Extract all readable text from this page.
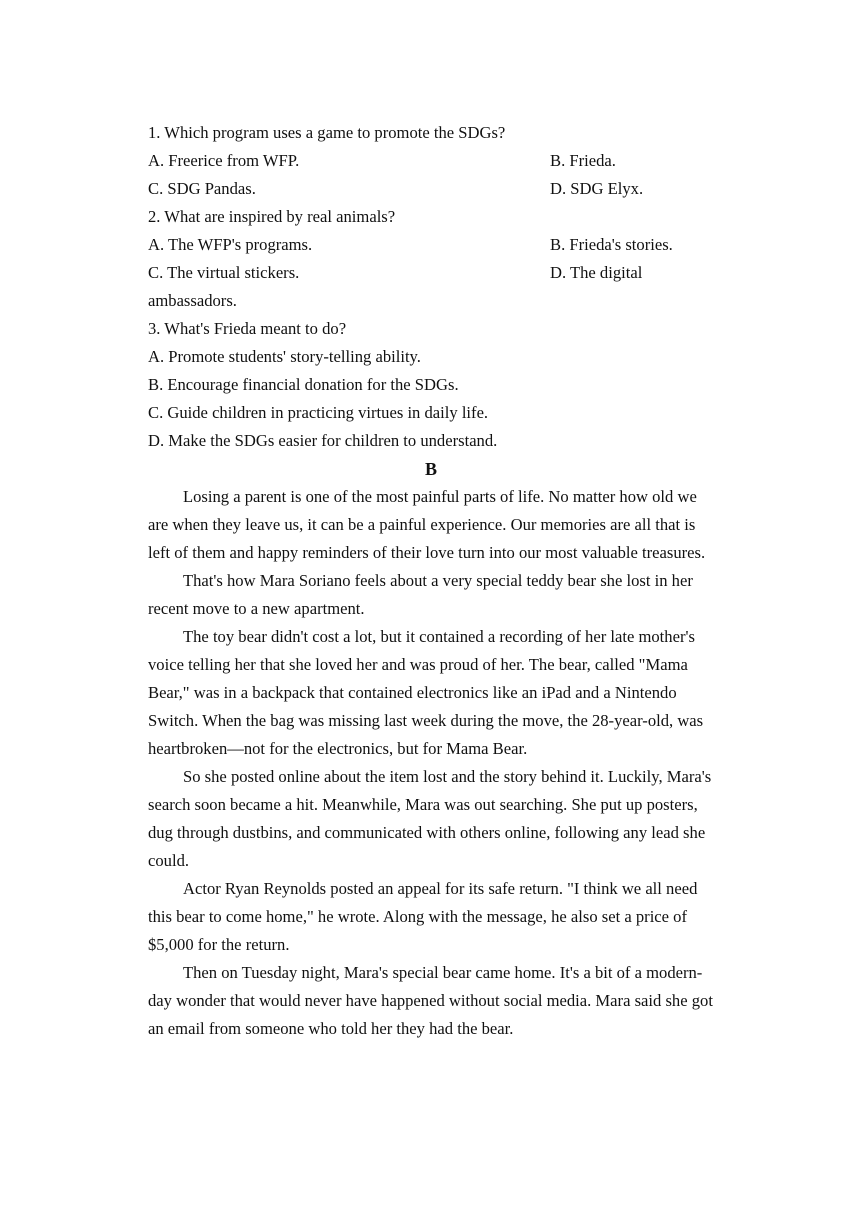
1. Which program uses a game to promote the SDGs?
A. Freerice from WFP.	B. Frieda.
C. SDG Pandas.	D. SDG Elyx.
2. What are inspired by real animals?
A. The WFP's programs.	B. Frieda's stories.
C. The virtual stickers.	D. The digital
ambassadors.
3. What's Frieda meant to do?
A. Promote students' story-telling ability.
B. Encourage financial donation for the SDGs.
C. Guide children in practicing virtues in daily life.
D. Make the SDGs easier for children to understand.
B

Losing a parent is one of the most painful parts of life. No matter how old we are when they leave us, it can be a painful experience. Our memories are all that is left of them and happy reminders of their love turn into our most valuable treasures.

That's how Mara Soriano feels about a very special teddy bear she lost in her recent move to a new apartment.

The toy bear didn't cost a lot, but it contained a recording of her late mother's voice telling her that she loved her and was proud of her. The bear, called "Mama Bear," was in a backpack that contained electronics like an iPad and a Nintendo Switch. When the bag was missing last week during the move, the 28-year-old, was heartbroken—not for the electronics, but for Mama Bear.

So she posted online about the item lost and the story behind it. Luckily, Mara's search soon became a hit. Meanwhile, Mara was out searching. She put up posters, dug through dustbins, and communicated with others online, following any lead she could.

Actor Ryan Reynolds posted an appeal for its safe return. "I think we all need this bear to come home," he wrote. Along with the message, he also set a price of $5,000 for the return.

Then on Tuesday night, Mara's special bear came home. It's a bit of a modern-day wonder that would never have happened without social media. Mara said she got an email from someone who told her they had the bear.
